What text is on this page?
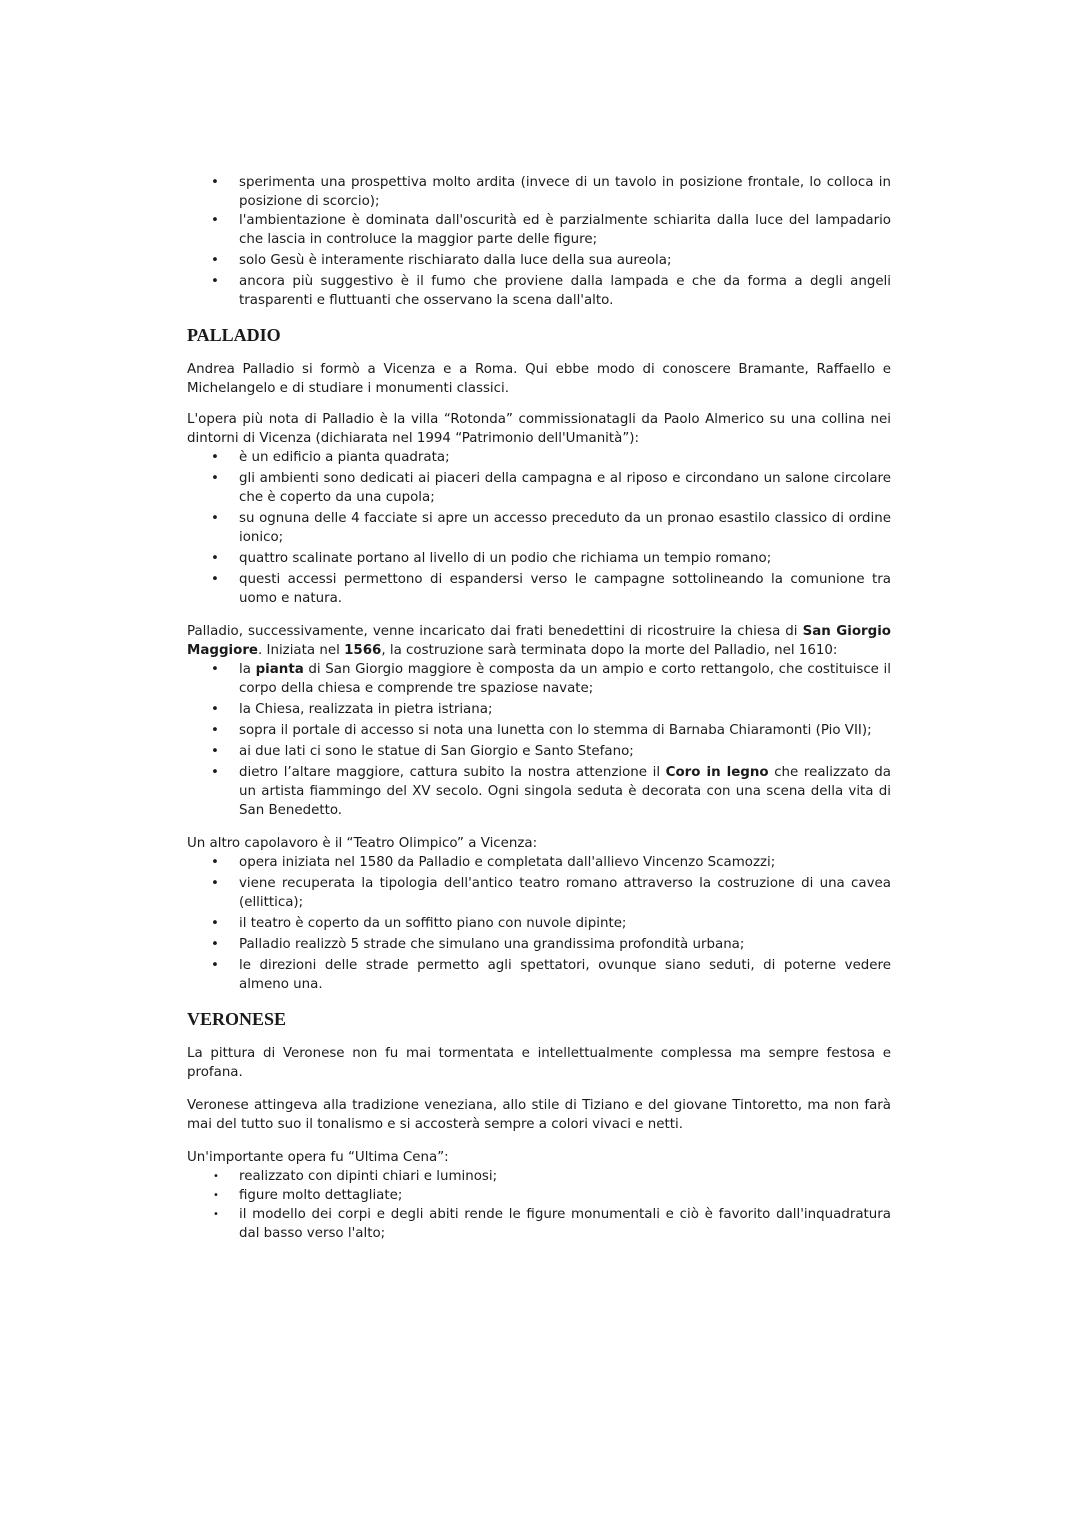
• sperimenta una prospettiva molto ardita (invece di un tavolo in posizione frontale, lo colloca in posizione di scorcio);
• l'ambientazione è dominata dall'oscurità ed è parzialmente schiarita dalla luce del lampadario che lascia in controluce la maggior parte delle figure;
• solo Gesù è interamente rischiarato dalla luce della sua aureola;
• ancora più suggestivo è il fumo che proviene dalla lampada e che da forma a degli angeli trasparenti e fluttuanti che osservano la scena dall'alto.
PALLADIO

Andrea Palladio si formò a Vicenza e a Roma. Qui ebbe modo di conoscere Bramante, Raffaello e Michelangelo e di studiare i monumenti classici.

L'opera più nota di Palladio è la villa “Rotonda” commissionatagli da Paolo Almerico su una collina nei dintorni di Vicenza (dichiarata nel 1994 “Patrimonio dell'Umanità”):

• è un edificio a pianta quadrata;
• gli ambienti sono dedicati ai piaceri della campagna e al riposo e circondano un salone circolare che è coperto da una cupola;
• su ognuna delle 4 facciate si apre un accesso preceduto da un pronao esastilo classico di ordine ionico;
• quattro scalinate portano al livello di un podio che richiama un tempio romano;
• questi accessi permettono di espandersi verso le campagne sottolineando la comunione tra uomo e natura.

Palladio, successivamente, venne incaricato dai frati benedettini di ricostruire la chiesa di San Giorgio Maggiore. Iniziata nel 1566, la costruzione sarà terminata dopo la morte del Palladio, nel 1610:

• la pianta di San Giorgio maggiore è composta da un ampio e corto rettangolo, che costituisce il corpo della chiesa e comprende tre spaziose navate;
• la Chiesa, realizzata in pietra istriana;
• sopra il portale di accesso si nota una lunetta con lo stemma di Barnaba Chiaramonti (Pio VII);
• ai due lati ci sono le statue di San Giorgio e Santo Stefano;
• dietro l’altare maggiore, cattura subito la nostra attenzione il Coro in legno che realizzato da un artista fiammingo del XV secolo. Ogni singola seduta è decorata con una scena della vita di San Benedetto.

Un altro capolavoro è il “Teatro Olimpico” a Vicenza:

• opera iniziata nel 1580 da Palladio e completata dall'allievo Vincenzo Scamozzi;
• viene recuperata la tipologia dell'antico teatro romano attraverso la costruzione di una cavea (ellittica);
• il teatro è coperto da un soffitto piano con nuvole dipinte;
• Palladio realizzò 5 strade che simulano una grandissima profondità urbana;
• le direzioni delle strade permetto agli spettatori, ovunque siano seduti, di poterne vedere almeno una.
VERONESE

La pittura di Veronese non fu mai tormentata e intellettualmente complessa ma sempre festosa e profana.

Veronese attingeva alla tradizione veneziana, allo stile di Tiziano e del giovane Tintoretto, ma non farà mai del tutto suo il tonalismo e si accosterà sempre a colori vivaci e netti.

Un'importante opera fu “Ultima Cena”:

• realizzato con dipinti chiari e luminosi;
• figure molto dettagliate;
• il modello dei corpi e degli abiti rende le figure monumentali e ciò è favorito dall'inquadratura dal basso verso l'alto;
